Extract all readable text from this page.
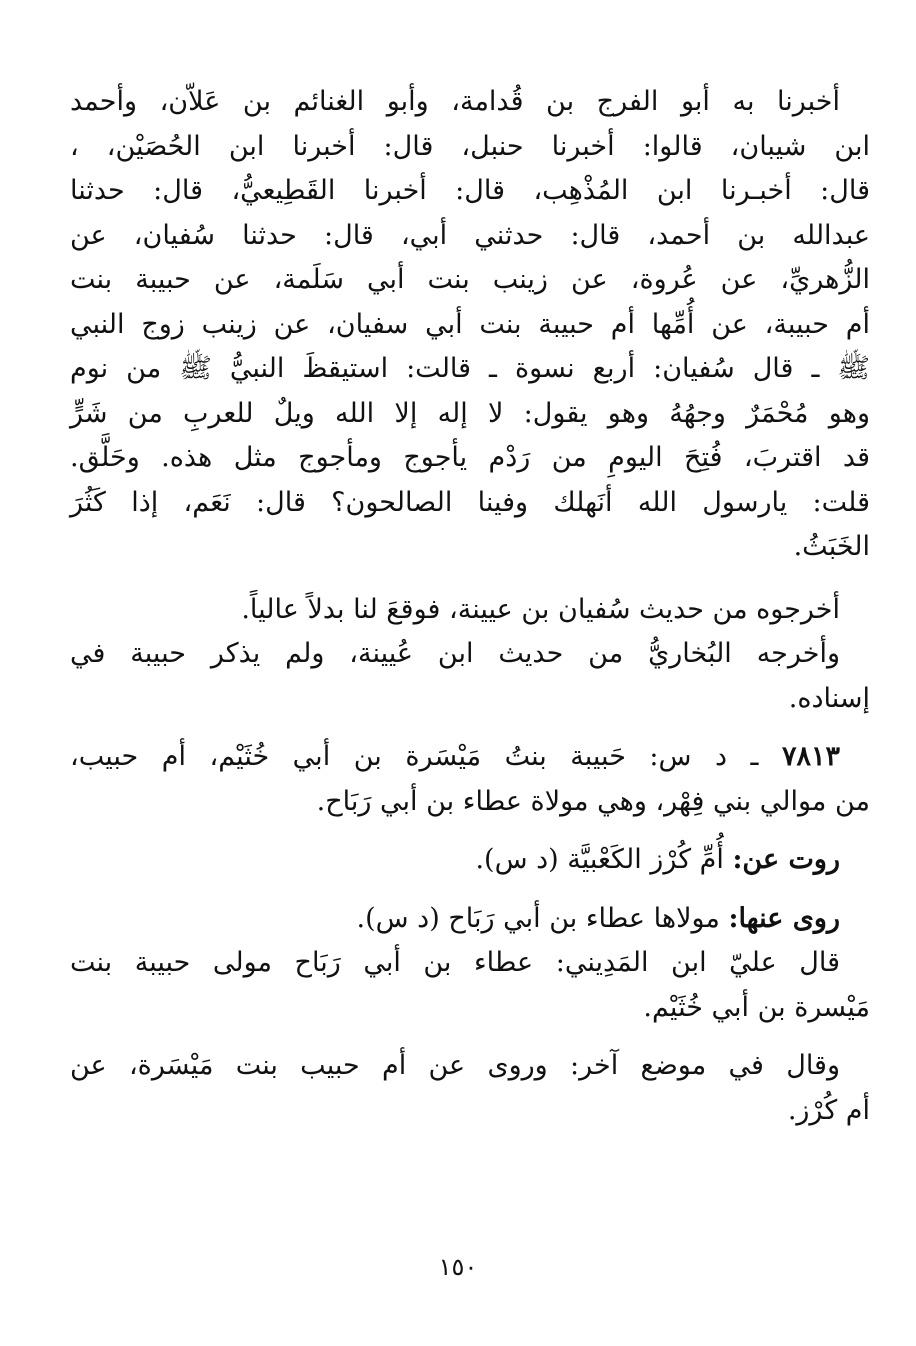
أخبرنا به أبو الفرج بن قُدامة، وأبو الغنائم بن عَلاّن، وأحمد
ابن شيبان، قالوا: أخبرنا حنبل، قال: أخبرنا ابن الحُصَيْن، ،
قال: أخبـرنا ابن المُذْهِب، قال: أخبرنا القَطِيعيُّ، قال: حدثنا
عبدالله بن أحمد، قال: حدثني أبي، قال: حدثنا سُفيان، عن
الزُّهريِّ، عن عُروة، عن زينب بنت أبي سَلَمة، عن حبيبة بنت
أم حبيبة، عن أُمِّها أم حبيبة بنت أبي سفيان، عن زينب زوج النبي
ﷺ ـ قال سُفيان: أربع نسوة ـ قالت: استيقظَ النبيُّ ﷺ من نوم
وهو مُحْمَرٌ وجهُهُ وهو يقول: لا إله إلا الله ويلٌ للعربِ من شَرٍّ
قد اقتربَ، فُتِحَ اليومِ من رَدْم يأجوج ومأجوج مثل هذه. وحَلَّق.
قلت: يارسول الله أنَهلك وفينا الصالحون؟ قال: نَعَم، إذا كَثُرَ
الخَبَثُ.
أخرجوه من حديث سُفيان بن عيينة، فوقعَ لنا بدلاً عالياً.
وأخرجه البُخاريُّ من حديث ابن عُيينة، ولم يذكر حبيبة في
إسناده.
٧٨١٣ ـ د س: حَبيبة بنتُ مَيْسَرة بن أبي خُثَيْم، أم حبيب،
من موالي بني فِهْر، وهي مولاة عطاء بن أبي رَبَاح.
روت عن: أُمِّ كُرْز الكَعْبيَّة (د س).
روى عنها: مولاها عطاء بن أبي رَبَاح (د س).
قال عليّ ابن المَدِيني: عطاء بن أبي رَبَاح مولى حبيبة بنت
مَيْسرة بن أبي خُثَيْم.
وقال في موضع آخر: وروى عن أم حبيب بنت مَيْسَرة، عن
أم كُرْز.
١٥٠
